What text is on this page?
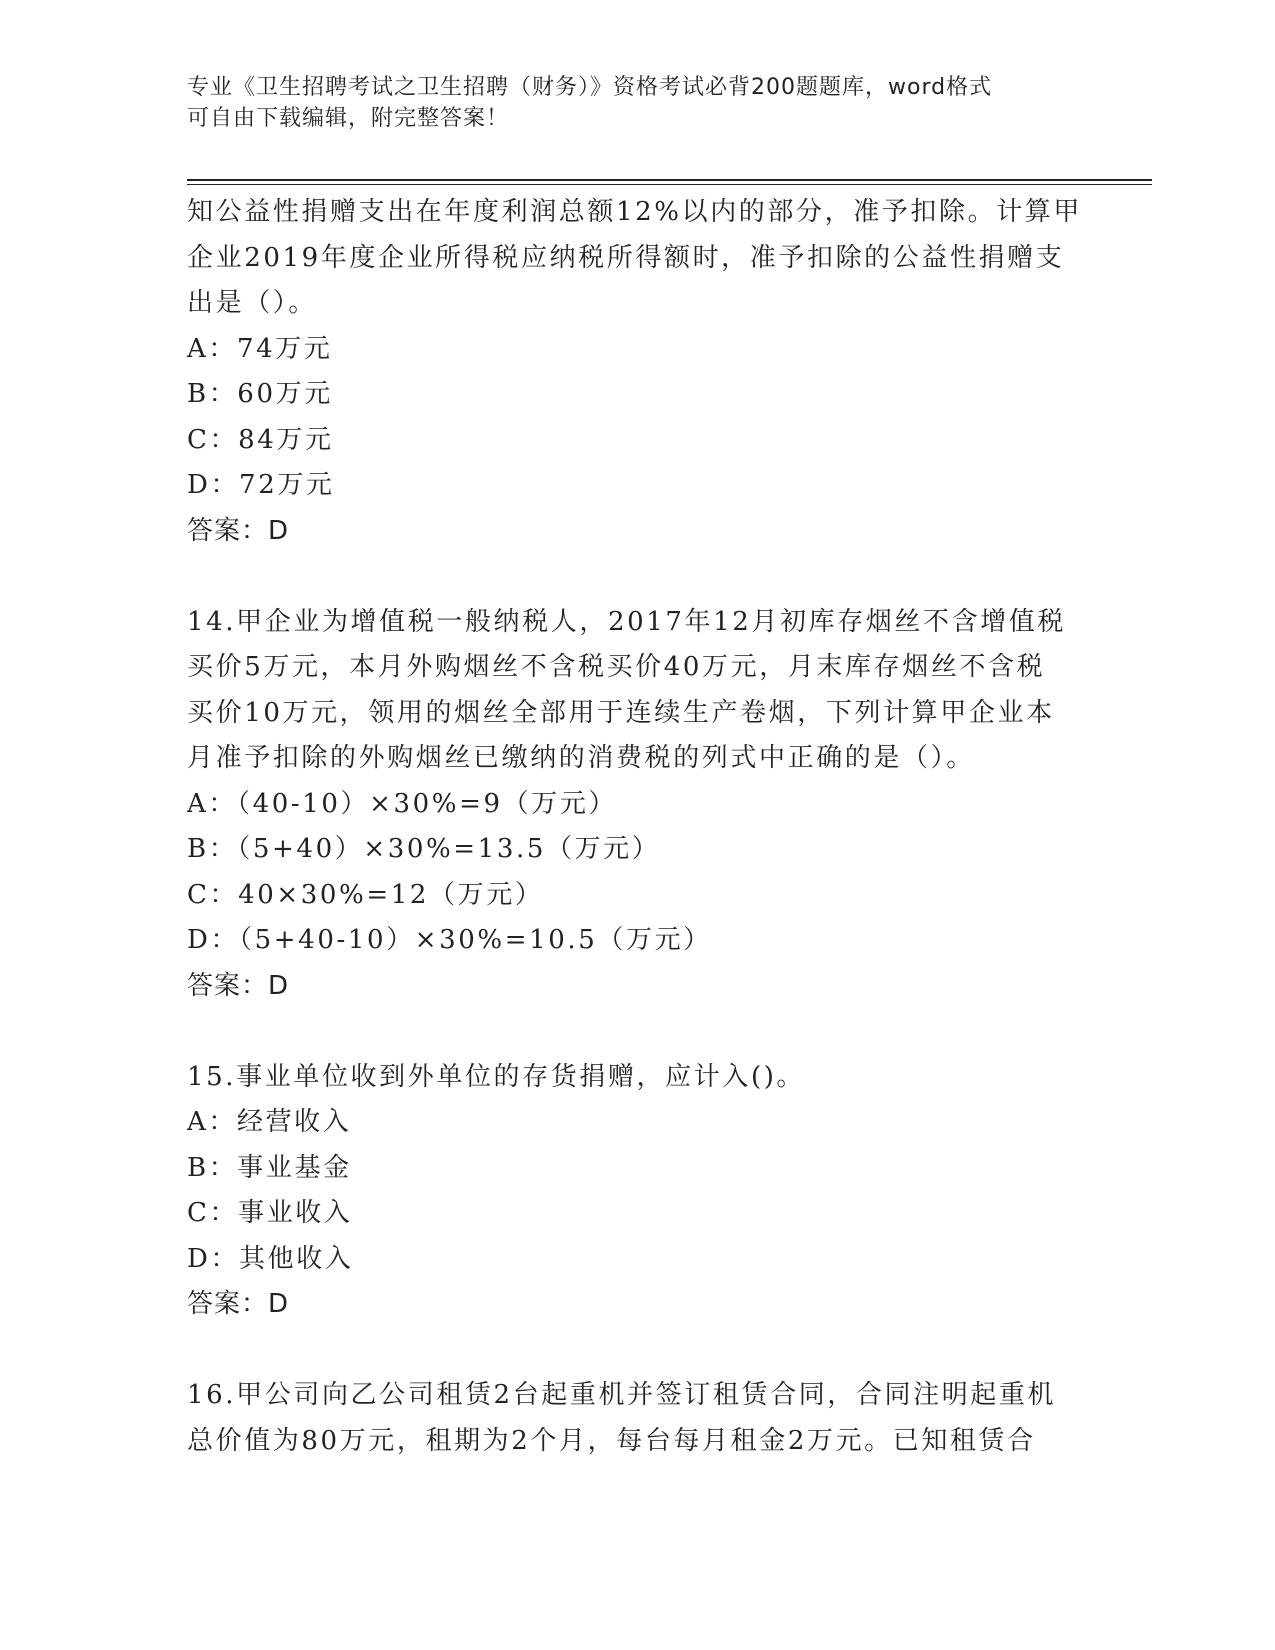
专业《卫生招聘考试之卫生招聘（财务）》资格考试必背200题题库，word格式
可自由下载编辑，附完整答案！
知公益性捐赠支出在年度利润总额12%以内的部分，准予扣除。计算甲
企业2019年度企业所得税应纳税所得额时，准予扣除的公益性捐赠支
出是（）。
A：74万元
B：60万元
C：84万元
D：72万元
答案：D
14.甲企业为增值税一般纳税人，2017年12月初库存烟丝不含增值税
买价5万元，本月外购烟丝不含税买价40万元，月末库存烟丝不含税
买价10万元，领用的烟丝全部用于连续生产卷烟，下列计算甲企业本
月准予扣除的外购烟丝已缴纳的消费税的列式中正确的是（）。
A：（40-10）×30%=9（万元）
B：（5+40）×30%=13.5（万元）
C：40×30%=12（万元）
D：（5+40-10）×30%=10.5（万元）
答案：D
15.事业单位收到外单位的存货捐赠，应计入()。
A：经营收入
B：事业基金
C：事业收入
D：其他收入
答案：D
16.甲公司向乙公司租赁2台起重机并签订租赁合同，合同注明起重机
总价值为80万元，租期为2个月，每台每月租金2万元。已知租赁合
